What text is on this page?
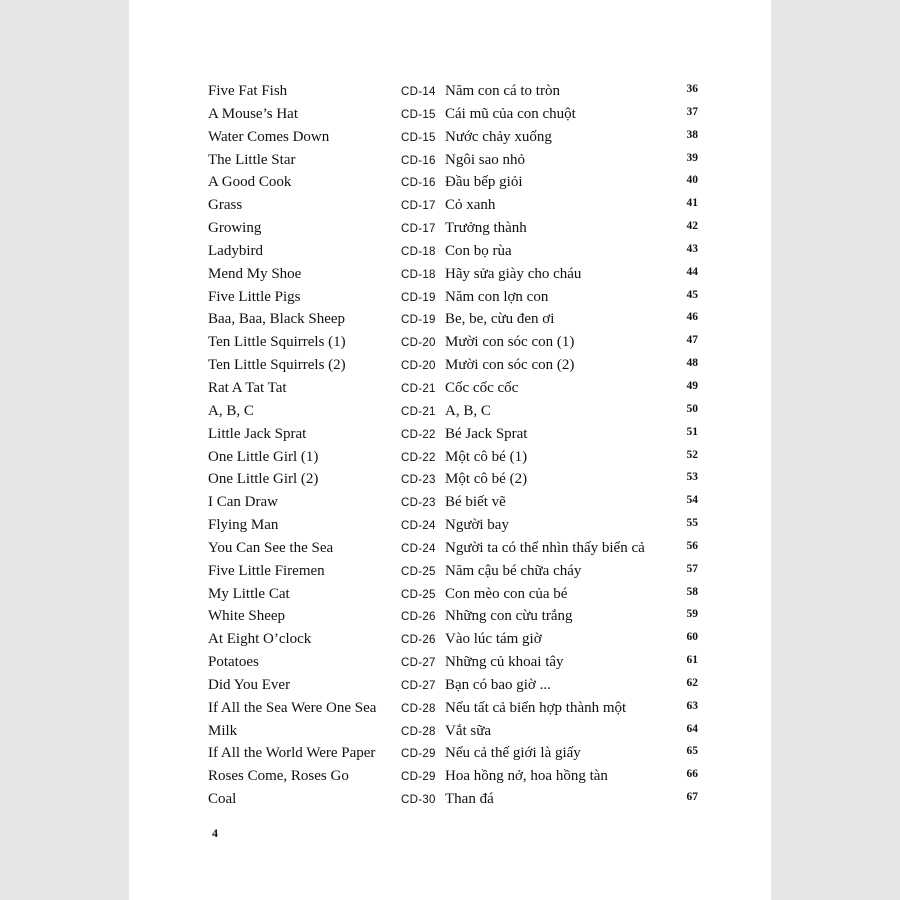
Five Fat Fish	CD-14 Năm con cá to tròn	36
A Mouse’s Hat	CD-15 Cái mũ của con chuột	37
Water Comes Down	CD-15 Nước chảy xuống	38
The Little Star	CD-16 Ngôi sao nhỏ	39
A Good Cook	CD-16 Đầu bếp giỏi	40
Grass	CD-17 Cỏ xanh	41
Growing	CD-17 Trưởng thành	42
Ladybird	CD-18 Con bọ rùa	43
Mend My Shoe	CD-18 Hãy sửa giày cho cháu	44
Five Little Pigs	CD-19 Năm con lợn con	45
Baa, Baa, Black Sheep	CD-19 Be, be, cừu đen ơi	46
Ten Little Squirrels (1)	CD-20 Mười con sóc con (1)	47
Ten Little Squirrels (2)	CD-20 Mười con sóc con (2)	48
Rat A Tat Tat	CD-21 Cốc cốc cốc	49
A, B, C	CD-21 A, B, C	50
Little Jack Sprat	CD-22 Bé Jack Sprat	51
One Little Girl (1)	CD-22 Một cô bé (1)	52
One Little Girl (2)	CD-23 Một cô bé (2)	53
I Can Draw	CD-23 Bé biết vẽ	54
Flying Man	CD-24 Người bay	55
You Can See the Sea	CD-24 Người ta có thể nhìn thấy biển cả	56
Five Little Firemen	CD-25 Năm cậu bé chữa cháy	57
My Little Cat	CD-25 Con mèo con của bé	58
White Sheep	CD-26 Những con cừu trắng	59
At Eight O’clock	CD-26 Vào lúc tám giờ	60
Potatoes	CD-27 Những củ khoai tây	61
Did You Ever	CD-27 Bạn có bao giờ ...	62
If All the Sea Were One Sea CD-28 Nếu tất cả biển hợp thành một	63
Milk	CD-28 Vắt sữa	64
If All the World Were Paper CD-29 Nếu cả thế giới là giấy	65
Roses Come, Roses Go	CD-29 Hoa hồng nở, hoa hồng tàn	66
Coal	CD-30 Than đá	67
4
